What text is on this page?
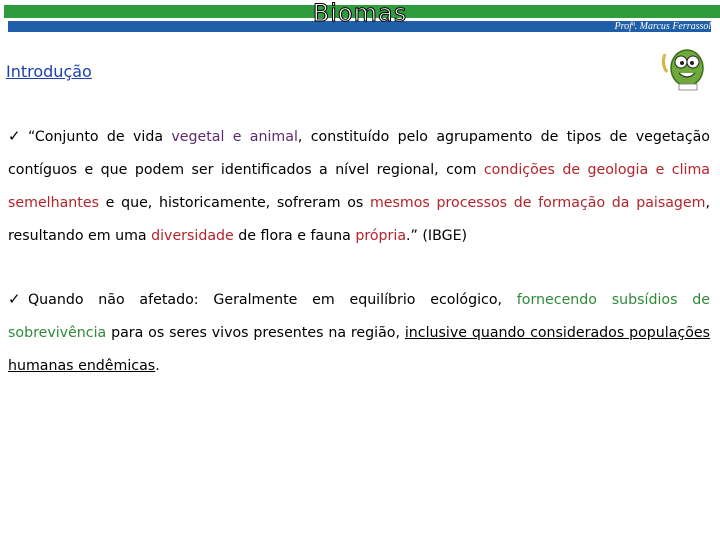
Biomas	Profª. Marcus Ferrassoli
Introdução
✓ “Conjunto de vida vegetal e animal, constituído pelo agrupamento de tipos de vegetação contíguos e que podem ser identificados a nível regional, com condições de geologia e clima semelhantes e que, historicamente, sofreram os mesmos processos de formação da paisagem, resultando em uma diversidade de flora e fauna própria.” (IBGE)
✓ Quando não afetado: Geralmente em equilíbrio ecológico, fornecendo subsídios de sobrevivência para os seres vivos presentes na região, inclusive quando considerados populações humanas endêmicas.
